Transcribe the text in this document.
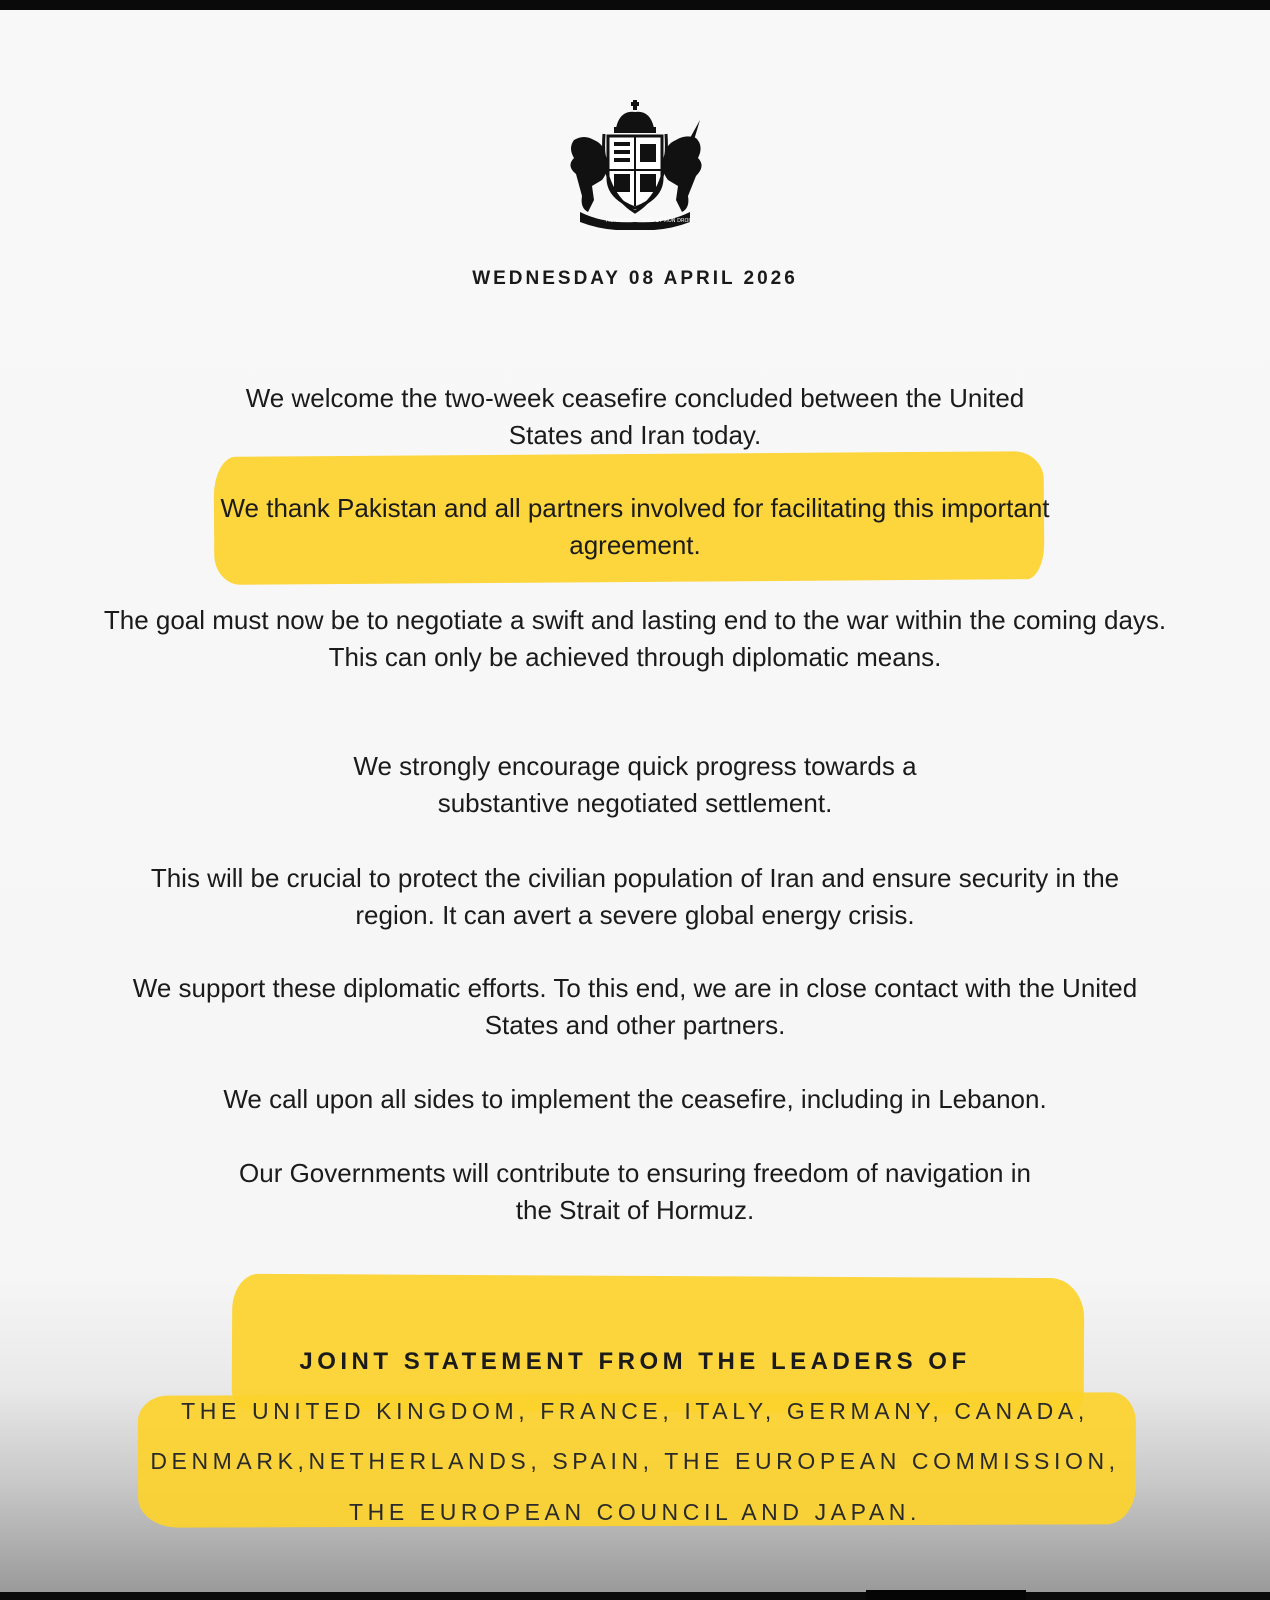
HONI SOIT DIEU ET MON DROIT
WEDNESDAY 08 APRIL 2026
We welcome the two-week ceasefire concluded between the United States and Iran today.
We thank Pakistan and all partners involved for facilitating this important agreement.
The goal must now be to negotiate a swift and lasting end to the war within the coming days. This can only be achieved through diplomatic means.
We strongly encourage quick progress towards a substantive negotiated settlement.
This will be crucial to protect the civilian population of Iran and ensure security in the region. It can avert a severe global energy crisis.
We support these diplomatic efforts. To this end, we are in close contact with the United States and other partners.
We call upon all sides to implement the ceasefire, including in Lebanon.
Our Governments will contribute to ensuring freedom of navigation in the Strait of Hormuz.
JOINT STATEMENT FROM THE LEADERS OF
THE UNITED KINGDOM, FRANCE, ITALY, GERMANY, CANADA,
DENMARK,NETHERLANDS, SPAIN, THE EUROPEAN COMMISSION,
THE EUROPEAN COUNCIL AND JAPAN.
